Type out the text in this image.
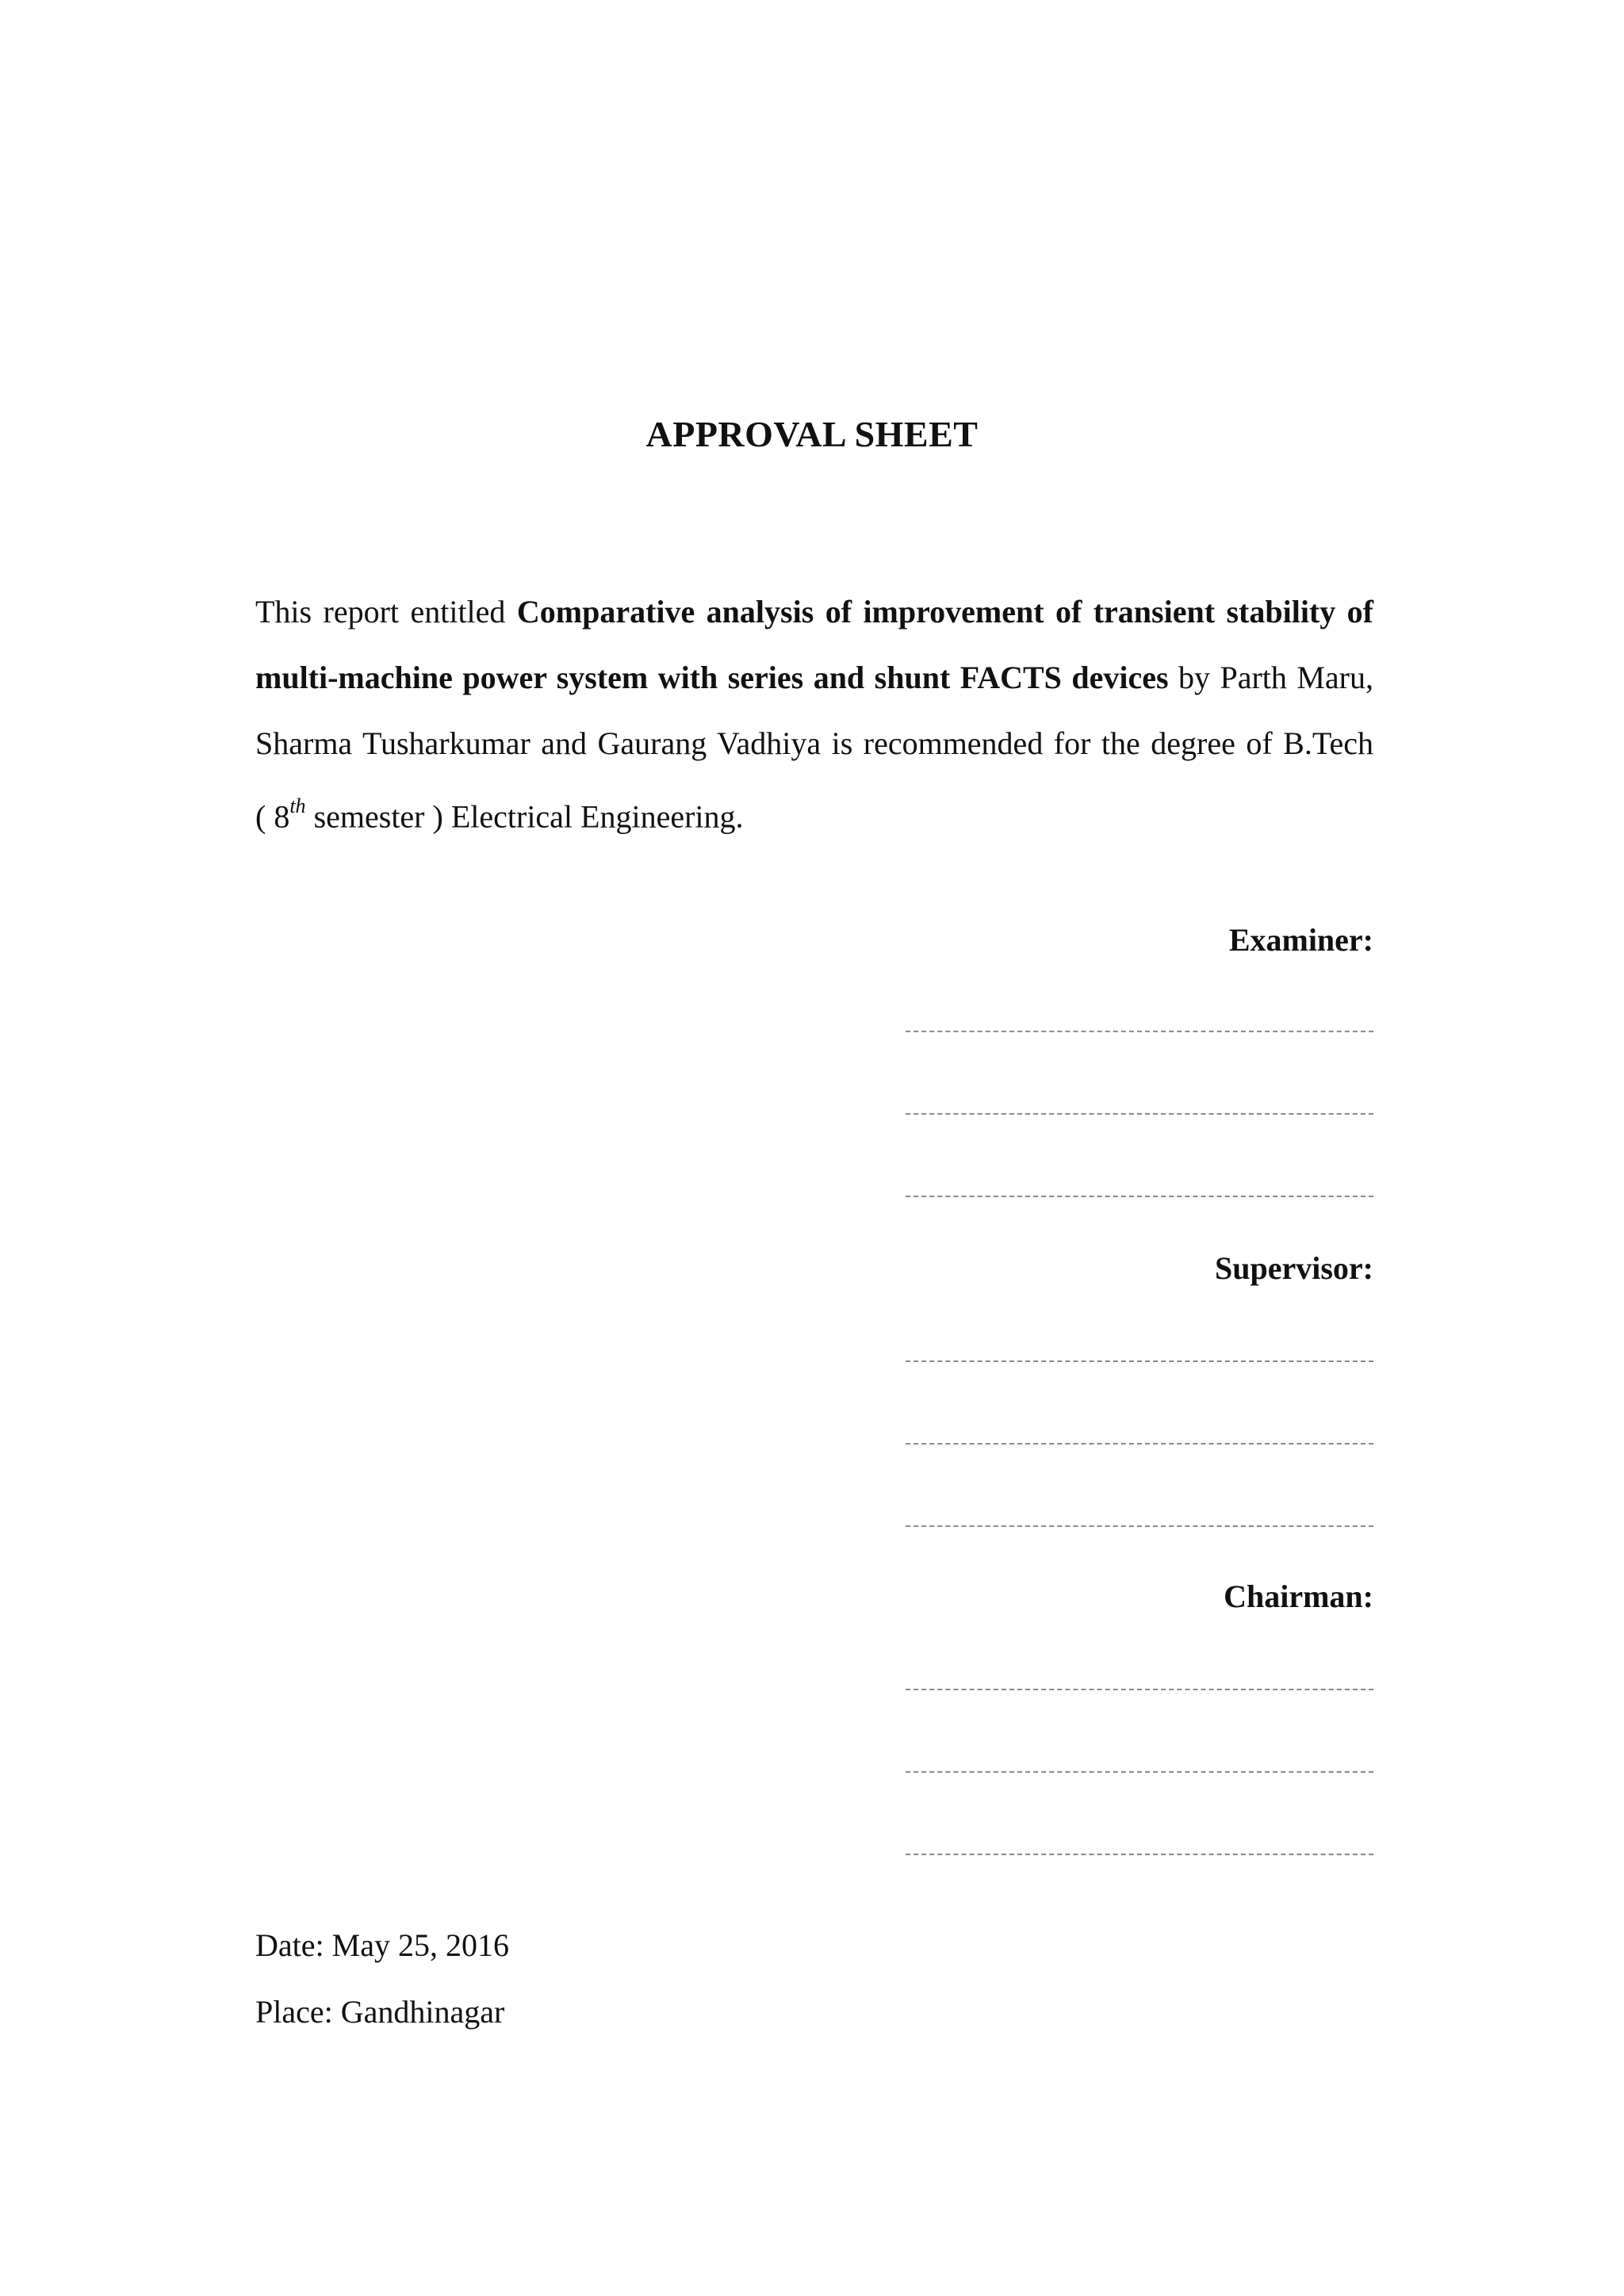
APPROVAL SHEET
This report entitled Comparative analysis of improvement of transient stability of
multi-machine power system with series and shunt FACTS devices by Parth Maru,
Sharma Tusharkumar and Gaurang Vadhiya is recommended for the degree of B.Tech
( 8th semester ) Electrical Engineering.
Examiner:
Supervisor:
Chairman:
Date: May 25, 2016
Place: Gandhinagar
